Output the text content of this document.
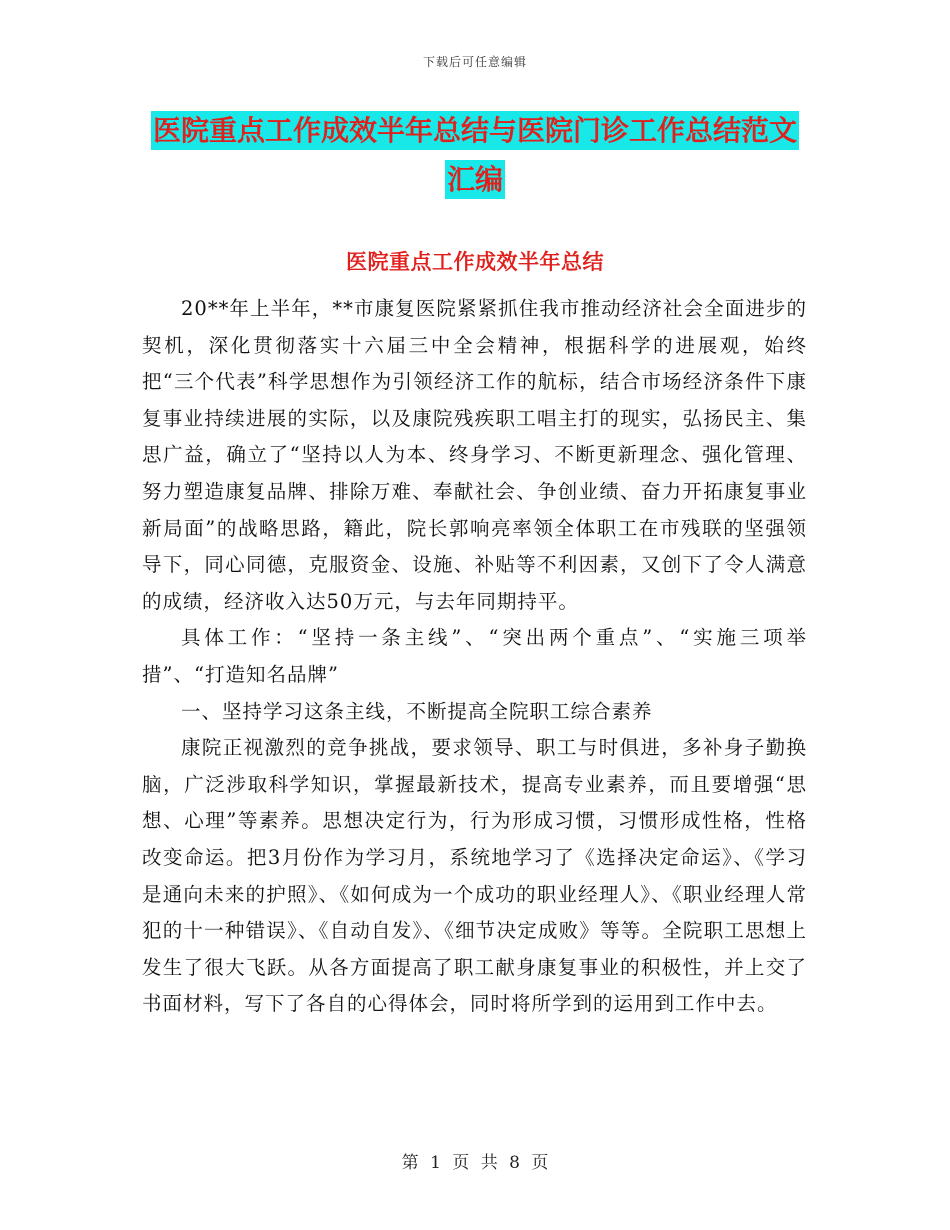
下载后可任意编辑
医院重点工作成效半年总结与医院门诊工作总结范文
汇编
医院重点工作成效半年总结

20**年上半年，**市康复医院紧紧抓住我市推动经济社会全面进步的契机，深化贯彻落实十六届三中全会精神，根据科学的进展观，始终把“三个代表”科学思想作为引领经济工作的航标，结合市场经济条件下康复事业持续进展的实际，以及康院残疾职工唱主打的现实，弘扬民主、集思广益，确立了“坚持以人为本、终身学习、不断更新理念、强化管理、努力塑造康复品牌、排除万难、奉献社会、争创业绩、奋力开拓康复事业新局面”的战略思路，籍此，院长郭响亮率领全体职工在市残联的坚强领导下，同心同德，克服资金、设施、补贴等不利因素，又创下了令人满意的成绩，经济收入达50万元，与去年同期持平。

具体工作：“坚持一条主线”、“突出两个重点”、“实施三项举措”、“打造知名品牌”

一、坚持学习这条主线，不断提高全院职工综合素养

康院正视激烈的竞争挑战，要求领导、职工与时俱进，多补身子勤换脑，广泛涉取科学知识，掌握最新技术，提高专业素养，而且要增强“思想、心理”等素养。思想决定行为，行为形成习惯，习惯形成性格，性格改变命运。把3月份作为学习月，系统地学习了《选择决定命运》、《学习是通向未来的护照》、《如何成为一个成功的职业经理人》、《职业经理人常犯的十一种错误》、《自动自发》、《细节决定成败》等等。全院职工思想上发生了很大飞跃。从各方面提高了职工献身康复事业的积极性，并上交了书面材料，写下了各自的心得体会，同时将所学到的运用到工作中去。

第 1 页 共 8 页
